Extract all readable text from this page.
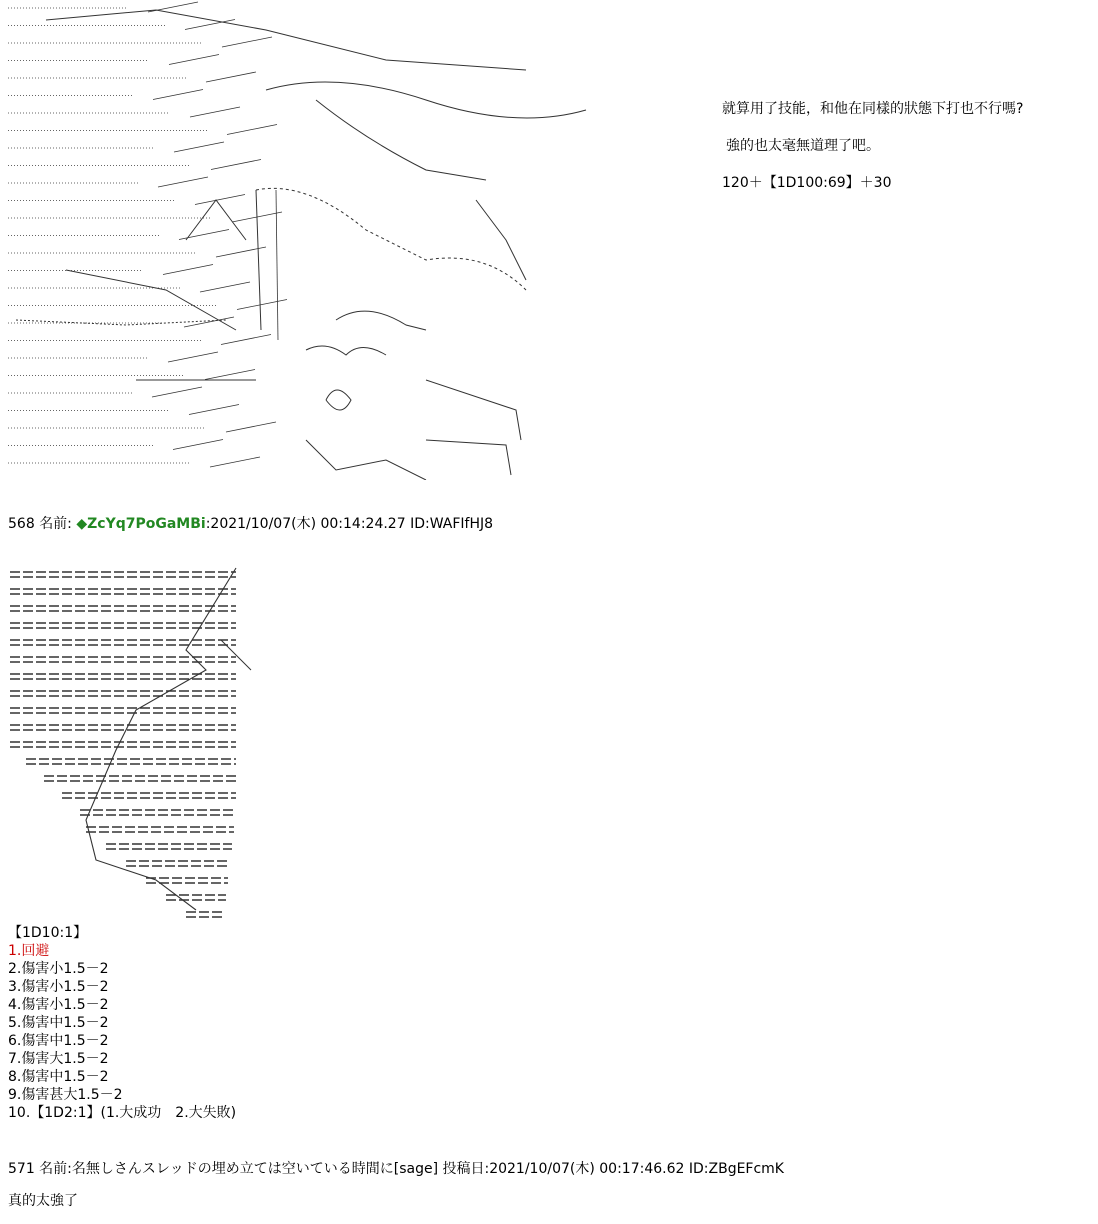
就算用了技能，和他在同樣的狀態下打也不行嗎?
強的也太毫無道理了吧。
120＋【1D100:69】＋30
568 名前: ◆ZcYq7PoGaMBi:2021/10/07(木) 00:14:24.27 ID:WAFIfHJ8
【1D10:1】
1.回避
2.傷害小1.5－2
3.傷害小1.5－2
4.傷害小1.5－2
5.傷害中1.5－2
6.傷害中1.5－2
7.傷害大1.5－2
8.傷害中1.5－2
9.傷害甚大1.5－2
10.【1D2:1】(1.大成功　2.大失敗)
571 名前:名無しさんスレッドの埋め立ては空いている時間に[sage] 投稿日:2021/10/07(木) 00:17:46.62 ID:ZBgEFcmK
真的太強了
